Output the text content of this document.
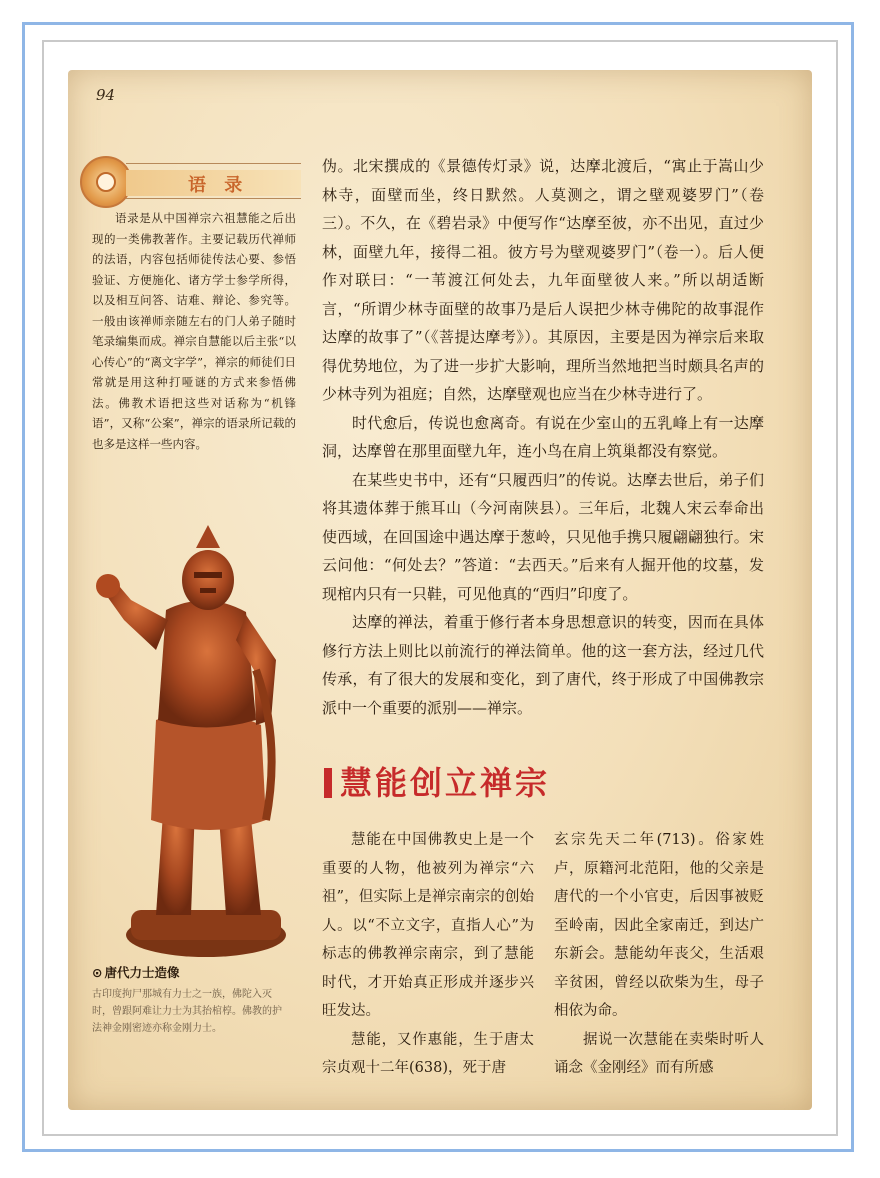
94
语 录
语录是从中国禅宗六祖慧能之后出现的一类佛教著作。主要记载历代禅师的法语，内容包括师徒传法心要、参悟验证、方便施化、诸方学士参学所得，以及相互问答、诘难、辩论、参究等。一般由该禅师亲随左右的门人弟子随时笔录编集而成。禅宗自慧能以后主张“以心传心”的“离文字学”，禅宗的师徒们日常就是用这种打哑谜的方式来参悟佛法。佛教术语把这些对话称为“机锋语”，又称“公案”，禅宗的语录所记载的也多是这样一些内容。
⊙ 唐代力士造像
古印度拘尸那城有力士之一族，佛陀入灭时，曾跟阿难让力士为其抬棺椁。佛教的护法神金刚密迹亦称金刚力士。

伪。北宋撰成的《景德传灯录》说，达摩北渡后，“寓止于嵩山少林寺，面壁而坐，终日默然。人莫测之，谓之壁观婆罗门”（卷三）。不久，在《碧岩录》中便写作“达摩至彼，亦不出见，直过少林，面壁九年，接得二祖。彼方号为壁观婆罗门”（卷一）。后人便作对联曰：“一苇渡江何处去，九年面壁彼人来。”所以胡适断言，“所谓少林寺面壁的故事乃是后人误把少林寺佛陀的故事混作达摩的故事了”（《菩提达摩考》）。其原因，主要是因为禅宗后来取得优势地位，为了进一步扩大影响，理所当然地把当时颇具名声的少林寺列为祖庭；自然，达摩壁观也应当在少林寺进行了。

时代愈后，传说也愈离奇。有说在少室山的五乳峰上有一达摩洞，达摩曾在那里面壁九年，连小鸟在肩上筑巢都没有察觉。

在某些史书中，还有“只履西归”的传说。达摩去世后，弟子们将其遗体葬于熊耳山（今河南陕县）。三年后，北魏人宋云奉命出使西域，在回国途中遇达摩于葱岭，只见他手携只履翩翩独行。宋云问他：“何处去？”答道：“去西天。”后来有人掘开他的坟墓，发现棺内只有一只鞋，可见他真的“西归”印度了。

达摩的禅法，着重于修行者本身思想意识的转变，因而在具体修行方法上则比以前流行的禅法简单。他的这一套方法，经过几代传承，有了很大的发展和变化，到了唐代，终于形成了中国佛教宗派中一个重要的派别——禅宗。

慧能创立禅宗

慧能在中国佛教史上是一个重要的人物，他被列为禅宗“六祖”，但实际上是禅宗南宗的创始人。以“不立文字，直指人心”为标志的佛教禅宗南宗，到了慧能时代，才开始真正形成并逐步兴旺发达。

慧能，又作惠能，生于唐太宗贞观十二年(638)，死于唐

玄宗先天二年(713)。俗家姓卢，原籍河北范阳，他的父亲是唐代的一个小官吏，后因事被贬至岭南，因此全家南迁，到达广东新会。慧能幼年丧父，生活艰辛贫困，曾经以砍柴为生，母子相依为命。

据说一次慧能在卖柴时听人诵念《金刚经》而有所感
